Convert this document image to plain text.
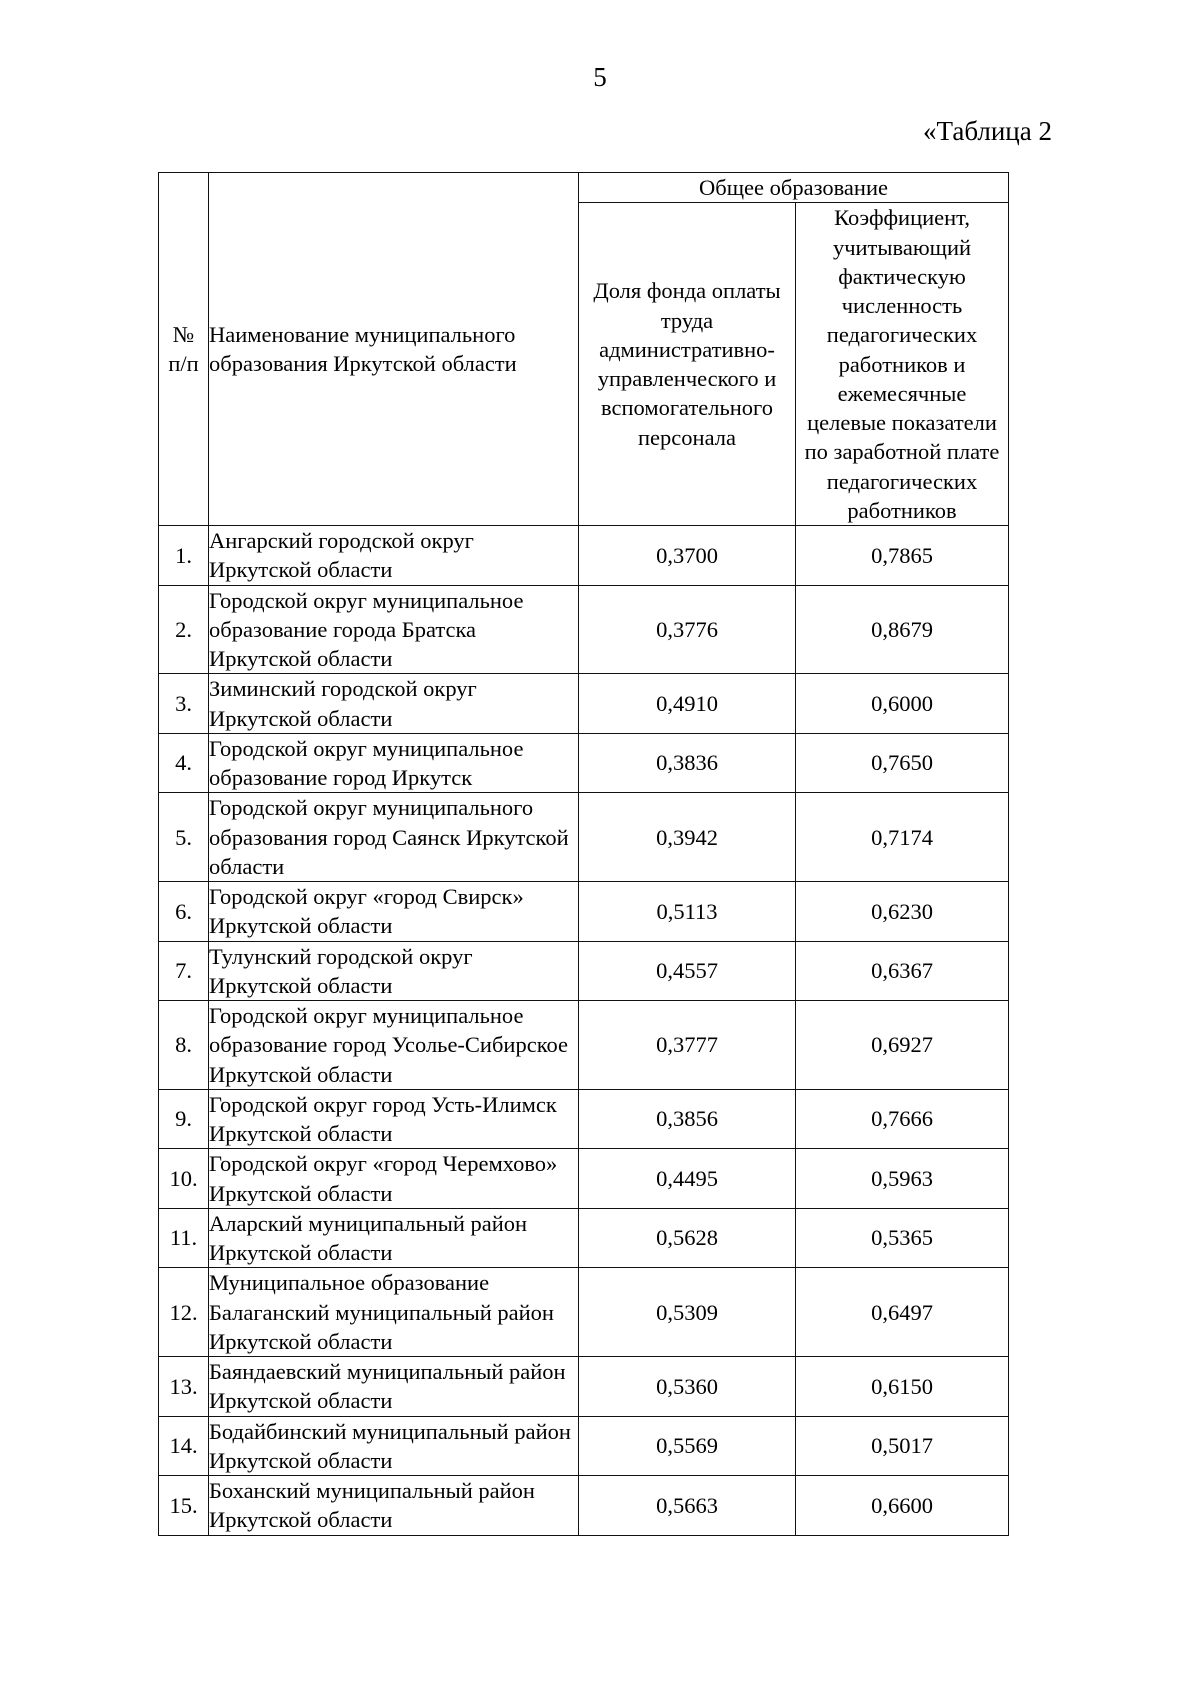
5
«Таблица 2
№
п/п	Наименование муниципального образования Иркутской области	Общее образование	
		Доля фонда оплаты труда административно-управленческого и вспомогательного персонала	Коэффициент, учитывающий фактическую численность педагогических работников и ежемесячные целевые показатели по заработной плате педагогических работников
1.	Ангарский городской округ Иркутской области	0,3700	0,7865
2.	Городской округ муниципальное образование города Братска Иркутской области	0,3776	0,8679
3.	Зиминский городской округ Иркутской области	0,4910	0,6000
4.	Городской округ муниципальное образование город Иркутск	0,3836	0,7650
5.	Городской округ муниципального образования город Саянск Иркутской области	0,3942	0,7174
6.	Городской округ «город Свирск» Иркутской области	0,5113	0,6230
7.	Тулунский городской округ Иркутской области	0,4557	0,6367
8.	Городской округ муниципальное образование город Усолье-Сибирское Иркутской области	0,3777	0,6927
9.	Городской округ город Усть-Илимск Иркутской области	0,3856	0,7666
10.	Городской округ «город Черемхово» Иркутской области	0,4495	0,5963
11.	Аларский муниципальный район Иркутской области	0,5628	0,5365
12.	Муниципальное образование Балаганский муниципальный район Иркутской области	0,5309	0,6497
13.	Баяндаевский муниципальный район Иркутской области	0,5360	0,6150
14.	Бодайбинский муниципальный район Иркутской области	0,5569	0,5017
15.	Боханский муниципальный район Иркутской области	0,5663	0,6600
